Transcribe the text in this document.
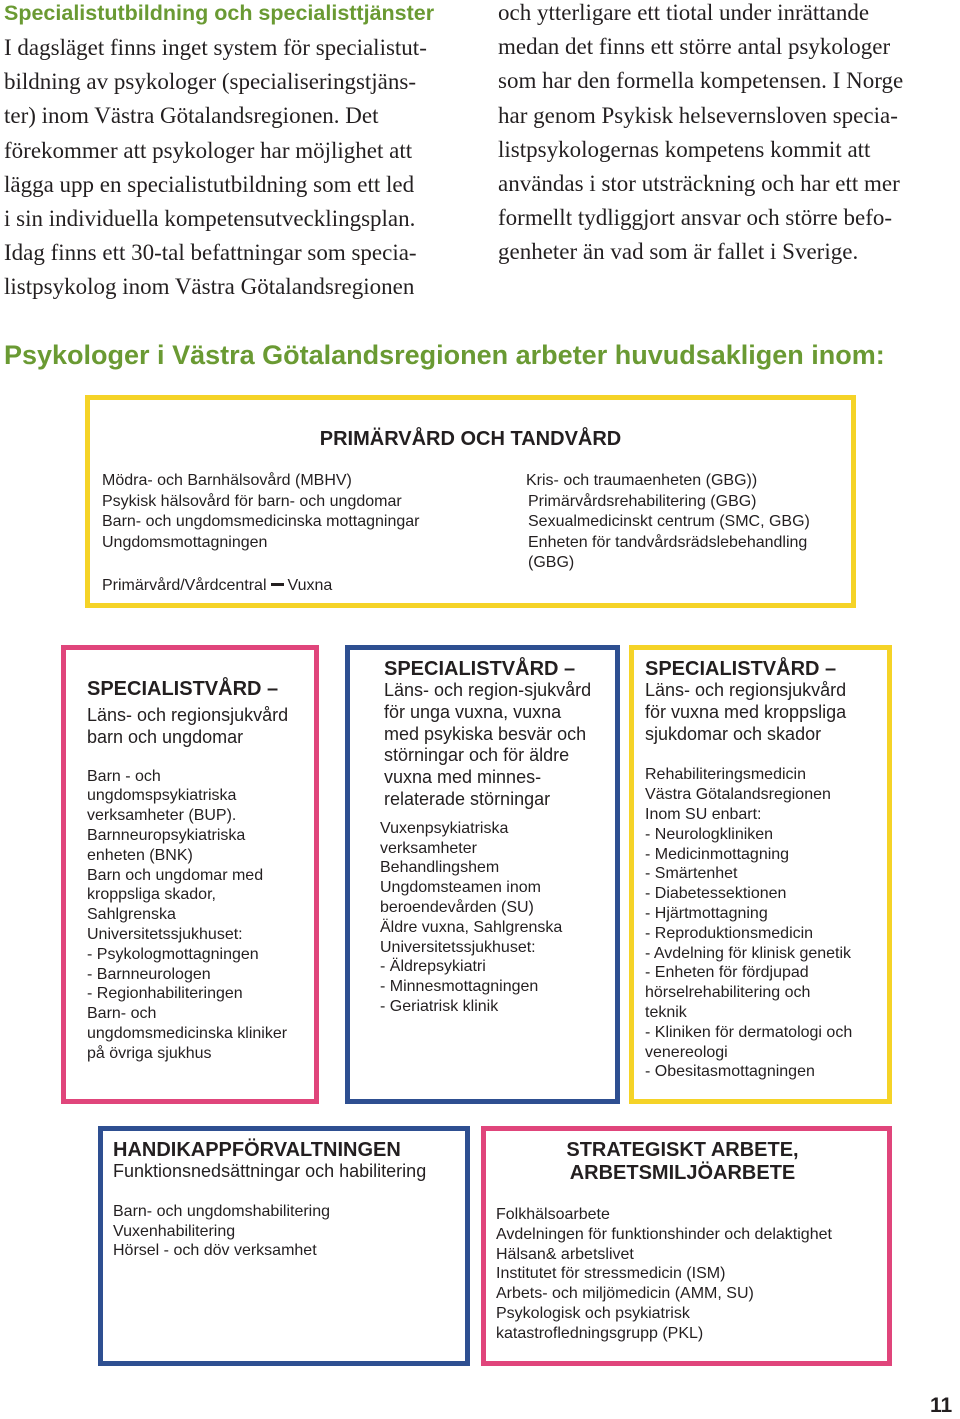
Specialistutbildning och specialisttjänster

I dagsläget finns inget system för specialistut-
bildning av psykologer (specialiseringstjäns-
ter) inom Västra Götalandsregionen. Det
förekommer att psykologer har möjlighet att
lägga upp en specialistutbildning som ett led
i sin individuella kompetensutvecklingsplan.
Idag finns ett 30-tal befattningar som specia-
listpsykolog inom Västra Götalandsregionen

och ytterligare ett tiotal under inrättande
medan det finns ett större antal psykologer
som har den formella kompetensen. I Norge
har genom Psykisk helsevernsloven specia-
listpsykologernas kompetens kommit att
användas i stor utsträckning och har ett mer
formellt tydliggjort ansvar och större befo-
genheter än vad som är fallet i Sverige.

Psykologer i Västra Götalandsregionen arbeter huvudsakligen inom:
PRIMÄRVÅRD OCH TANDVÅRD
Mödra- och Barnhälsovård (MBHV)
Psykisk hälsovård för barn- och ungdomar
Barn- och ungdomsmedicinska mottagningar
Ungdomsmottagningen

Primärvård/Vårdcentral Vuxna

Kris- och traumaenheten (GBG))
Primärvårdsrehabilitering (GBG)
Sexualmedicinskt centrum (SMC, GBG)
Enheten för tandvårdsrädslebehandling
(GBG)
SPECIALISTVÅRD –
Läns- och regionsjukvård
barn och ungdomar
Barn - och
ungdomspsykiatriska
verksamheter (BUP).
Barnneuropsykiatriska
enheten (BNK)
Barn och ungdomar med
kroppsliga skador,
Sahlgrenska
Universitetssjukhuset:
- Psykologmottagningen
- Barnneurologen
- Regionhabiliteringen
Barn- och
ungdomsmedicinska kliniker
på övriga sjukhus
SPECIALISTVÅRD –
Läns- och region-sjukvård
för unga vuxna, vuxna
med psykiska besvär och
störningar och för äldre
vuxna med minnes-
relaterade störningar
Vuxenpsykiatriska
verksamheter
Behandlingshem
Ungdomsteamen inom
beroendevården (SU)
Äldre vuxna, Sahlgrenska
Universitetssjukhuset:
- Äldrepsykiatri
- Minnesmottagningen
- Geriatrisk klinik
SPECIALISTVÅRD –
Läns- och regionsjukvård
för vuxna med kroppsliga
sjukdomar och skador
Rehabiliteringsmedicin
Västra Götalandsregionen
Inom SU enbart:
- Neurologkliniken
- Medicinmottagning
- Smärtenhet
- Diabetessektionen
- Hjärtmottagning
- Reproduktionsmedicin
- Avdelning för klinisk genetik
- Enheten för fördjupad
hörselrehabilitering och
teknik
- Kliniken för dermatologi och
venereologi
- Obesitasmottagningen
HANDIKAPPFÖRVALTNINGEN
Funktionsnedsättningar och habilitering
Barn- och ungdomshabilitering
Vuxenhabilitering
Hörsel - och döv verksamhet
STRATEGISKT ARBETE,
ARBETSMILJÖARBETE
Folkhälsoarbete
Avdelningen för funktionshinder och delaktighet
Hälsan& arbetslivet
Institutet för stressmedicin (ISM)
Arbets- och miljömedicin (AMM, SU)
Psykologisk och psykiatrisk
katastrofledningsgrupp (PKL)
11
